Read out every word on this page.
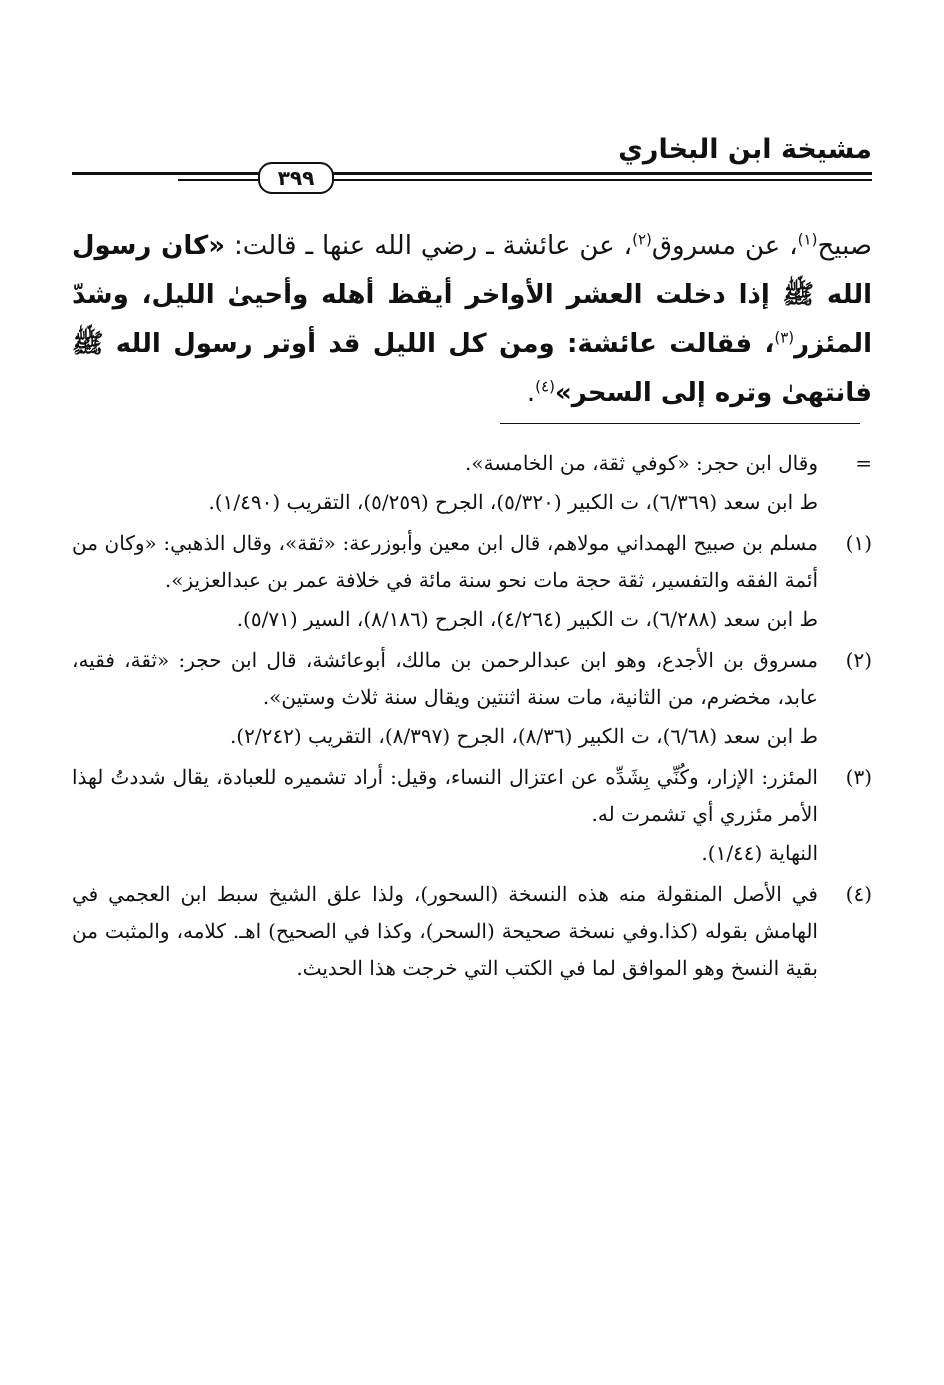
مشيخة ابن البخاري
٣٩٩
صبيح$^{(١)}$، عن مسروق$^{(٢)}$، عن عائشة ـ رضي الله عنها ـ قالت: «كان رسول الله ﷺ إذا دخلت العشر الأواخر أيقظ أهله وأحيىٰ الليل، وشدّ المئزر$^{(٣)}$، فقالت عائشة: ومن كل الليل قد أوتر رسول الله ﷺ فانتهىٰ وتره إلى السحر»$^{(٤)}$.
=

وقال ابن حجر: «كوفي ثقة، من الخامسة».

ط ابن سعد (٦/٣٦٩)، ت الكبير (٥/٣٢٠)، الجرح (٥/٢٥٩)، التقريب (١/٤٩٠).

(١)

مسلم بن صبيح الهمداني مولاهم، قال ابن معين وأبوزرعة: «ثقة»، وقال الذهبي: «وكان من أئمة الفقه والتفسير، ثقة حجة مات نحو سنة مائة في خلافة عمر بن عبدالعزيز».

ط ابن سعد (٦/٢٨٨)، ت الكبير (٤/٢٦٤)، الجرح (٨/١٨٦)، السير (٥/٧١).

(٢)

مسروق بن الأجدع، وهو ابن عبدالرحمن بن مالك، أبوعائشة، قال ابن حجر: «ثقة، فقيه، عابد، مخضرم، من الثانية، مات سنة اثنتين ويقال سنة ثلاث وستين».

ط ابن سعد (٦/٦٨)، ت الكبير (٨/٣٦)، الجرح (٨/٣٩٧)، التقريب (٢/٢٤٢).

(٣)

المئزر: الإزار، وكُنِّي بِشَدِّه عن اعتزال النساء، وقيل: أراد تشميره للعبادة، يقال شددتُ لهذا الأمر مئزري أي تشمرت له.

النهاية (١/٤٤).

(٤)

في الأصل المنقولة منه هذه النسخة (السحور)، ولذا علق الشيخ سبط ابن العجمي في الهامش بقوله (كذا.وفي نسخة صحيحة (السحر)، وكذا في الصحيح) اهـ. كلامه، والمثبت من بقية النسخ وهو الموافق لما في الكتب التي خرجت هذا الحديث.
